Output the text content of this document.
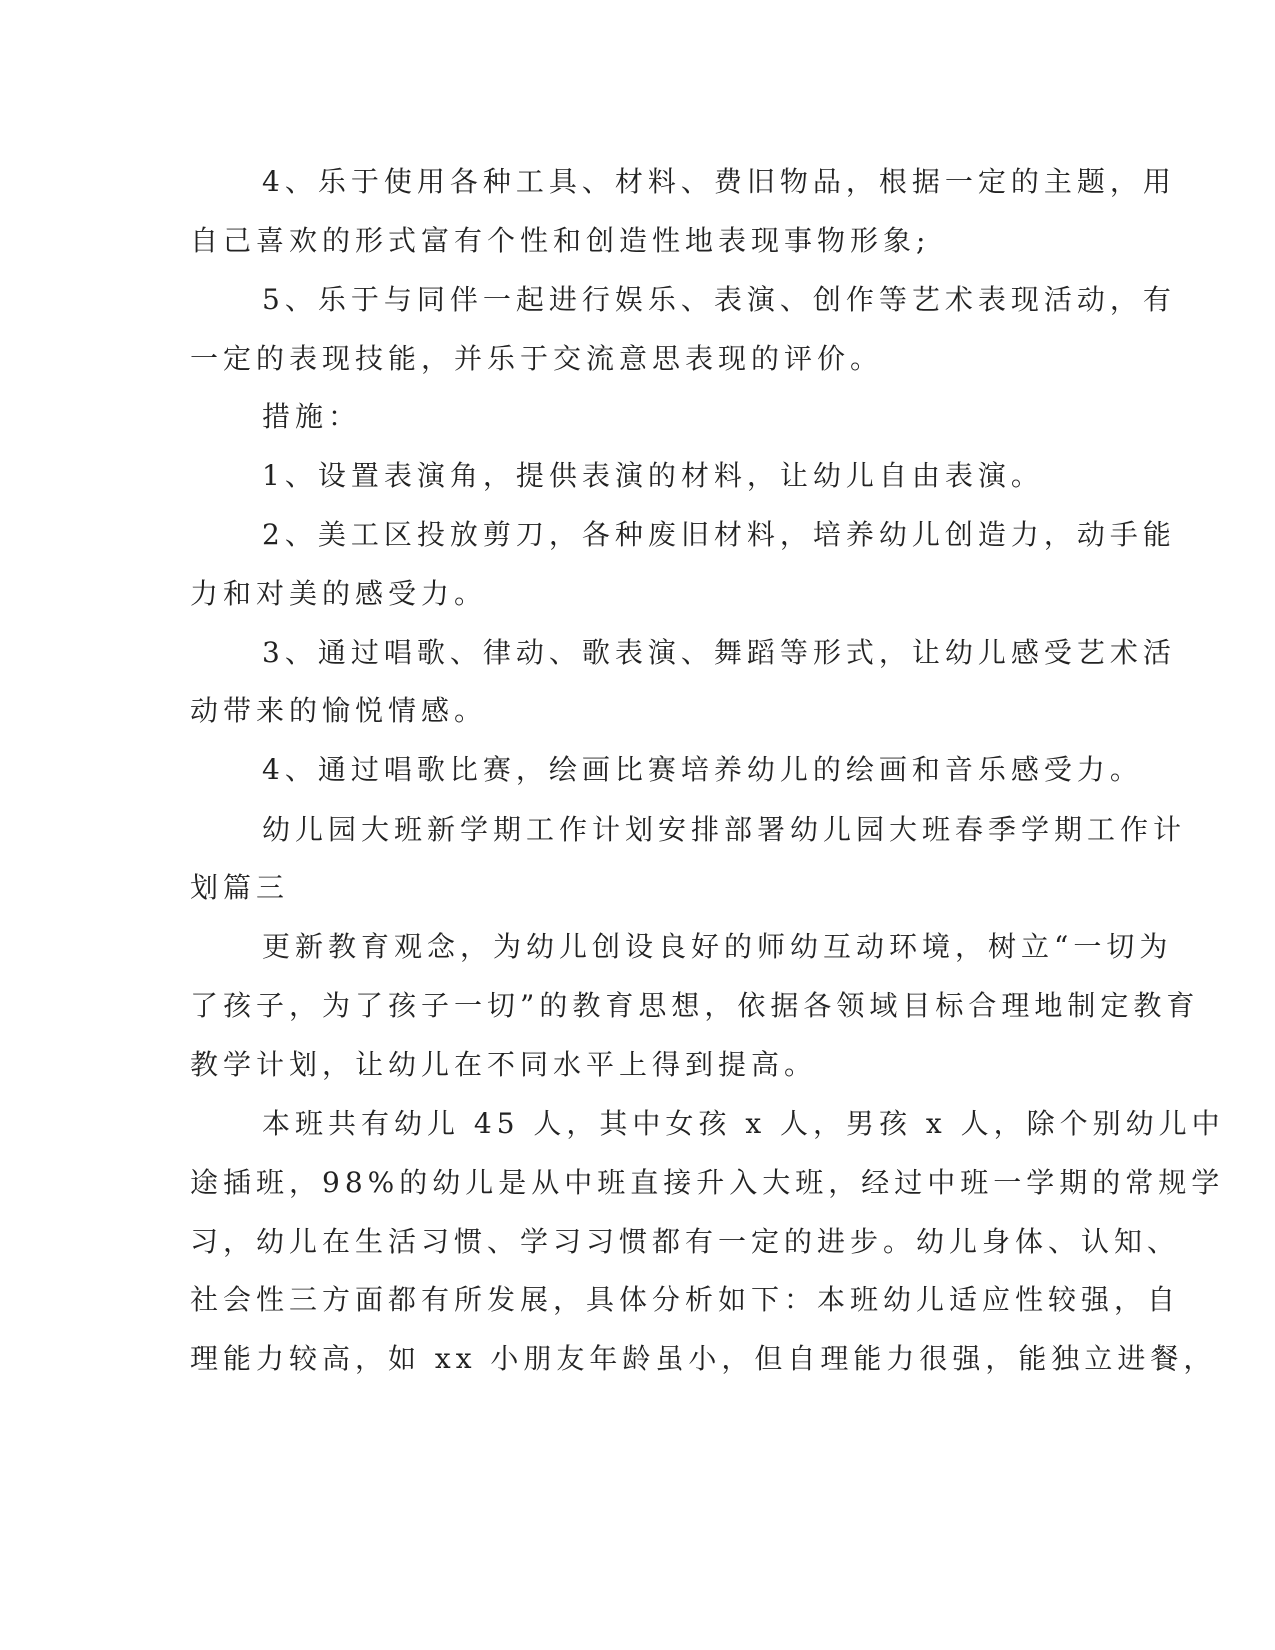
4、乐于使用各种工具、材料、费旧物品，根据一定的主题，用
自己喜欢的形式富有个性和创造性地表现事物形象;
5、乐于与同伴一起进行娱乐、表演、创作等艺术表现活动，有
一定的表现技能，并乐于交流意思表现的评价。
措施：
1、设置表演角，提供表演的材料，让幼儿自由表演。
2、美工区投放剪刀，各种废旧材料，培养幼儿创造力，动手能
力和对美的感受力。
3、通过唱歌、律动、歌表演、舞蹈等形式，让幼儿感受艺术活
动带来的愉悦情感。
4、通过唱歌比赛，绘画比赛培养幼儿的绘画和音乐感受力。
幼儿园大班新学期工作计划安排部署幼儿园大班春季学期工作计
划篇三
更新教育观念，为幼儿创设良好的师幼互动环境，树立“一切为
了孩子，为了孩子一切”的教育思想，依据各领域目标合理地制定教育
教学计划，让幼儿在不同水平上得到提高。
本班共有幼儿 45 人，其中女孩 x 人，男孩 x 人，除个别幼儿中
途插班，98%的幼儿是从中班直接升入大班，经过中班一学期的常规学
习，幼儿在生活习惯、学习习惯都有一定的进步。幼儿身体、认知、
社会性三方面都有所发展，具体分析如下：本班幼儿适应性较强，自
理能力较高，如 xx 小朋友年龄虽小，但自理能力很强，能独立进餐，
